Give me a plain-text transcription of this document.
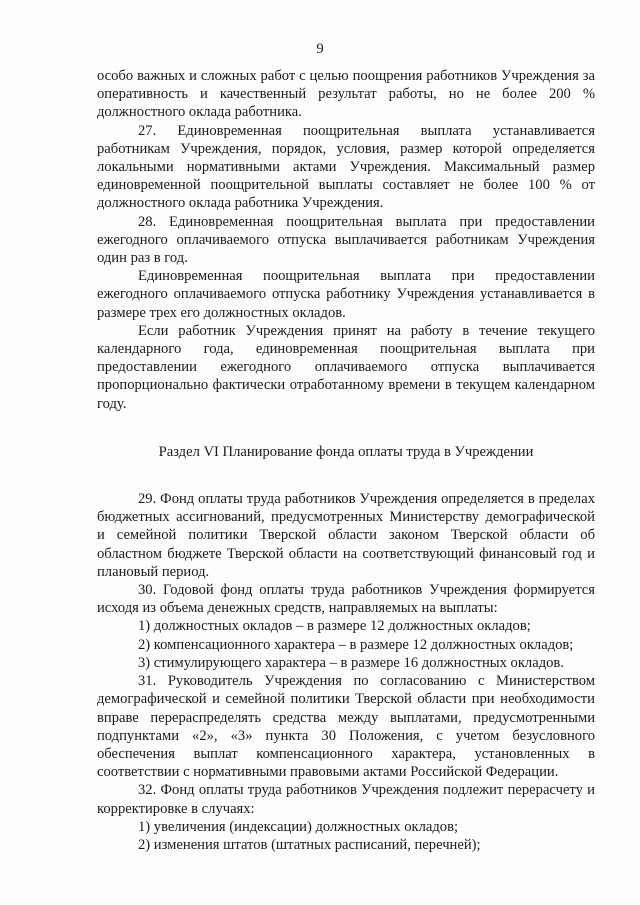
9

особо важных и сложных работ с целью поощрения работников Учреждения за оперативность и качественный результат работы, но не более 200 % должностного оклада работника.

27. Единовременная поощрительная выплата устанавливается работникам Учреждения, порядок, условия, размер которой определяется локальными нормативными актами Учреждения. Максимальный размер единовременной поощрительной выплаты составляет не более 100 % от должностного оклада работника Учреждения.

28. Единовременная поощрительная выплата при предоставлении ежегодного оплачиваемого отпуска выплачивается работникам Учреждения один раз в год.

Единовременная поощрительная выплата при предоставлении ежегодного оплачиваемого отпуска работнику Учреждения устанавливается в размере трех его должностных окладов.

Если работник Учреждения принят на работу в течение текущего календарного года, единовременная поощрительная выплата при предоставлении ежегодного оплачиваемого отпуска выплачивается пропорционально фактически отработанному времени в текущем календарном году.

Раздел VI Планирование фонда оплаты труда в Учреждении

29. Фонд оплаты труда работников Учреждения определяется в пределах бюджетных ассигнований, предусмотренных Министерству демографической и семейной политики Тверской области законом Тверской области об областном бюджете Тверской области на соответствующий финансовый год и плановый период.

30. Годовой фонд оплаты труда работников Учреждения формируется исходя из объема денежных средств, направляемых на выплаты:

1) должностных окладов – в размере 12 должностных окладов;

2) компенсационного характера – в размере 12 должностных окладов;

3) стимулирующего характера – в размере 16 должностных окладов.

31. Руководитель Учреждения по согласованию с Министерством демографической и семейной политики Тверской области при необходимости вправе перераспределять средства между выплатами, предусмотренными подпунктами «2», «3» пункта 30 Положения, с учетом безусловного обеспечения выплат компенсационного характера, установленных в соответствии с нормативными правовыми актами Российской Федерации.

32. Фонд оплаты труда работников Учреждения подлежит перерасчету и корректировке в случаях:

1) увеличения (индексации) должностных окладов;

2) изменения штатов (штатных расписаний, перечней);
